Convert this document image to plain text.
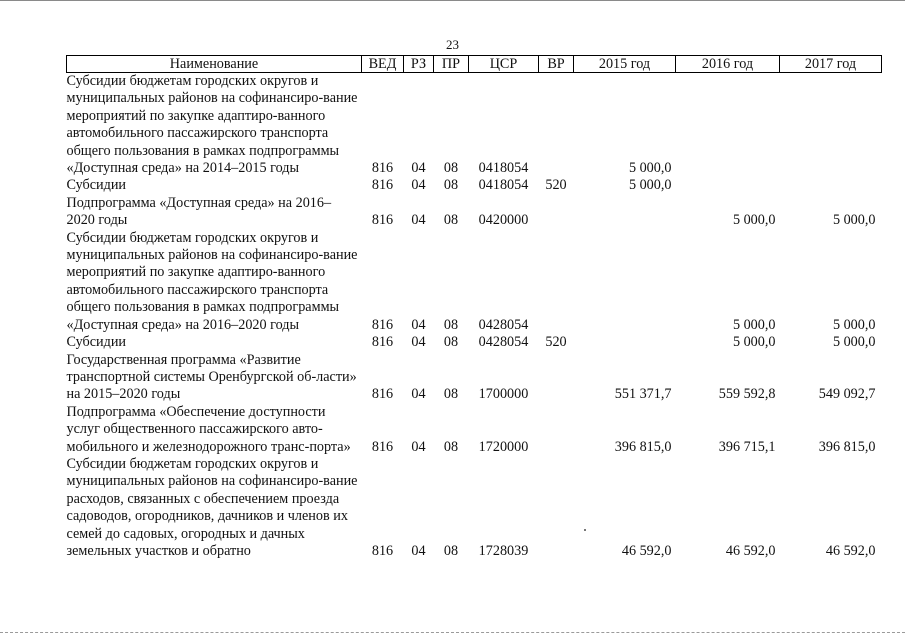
23
Наименование	ВЕД	РЗ	ПР	ЦСР	ВР	2015 год	2016 год	2017 год
Субсидии бюджетам городских округов и муниципальных районов на софинансиро-вание мероприятий по закупке адаптиро-ванного автомобильного пассажирского транспорта общего пользования в рамках подпрограммы «Доступная среда» на 2014–2015 годы	816	04	08	0418054		5 000,0		
Субсидии	816	04	08	0418054	520	5 000,0		
Подпрограмма «Доступная среда» на 2016–2020 годы	816	04	08	0420000			5 000,0	5 000,0
Субсидии бюджетам городских округов и муниципальных районов на софинансиро-вание мероприятий по закупке адаптиро-ванного автомобильного пассажирского транспорта общего пользования в рамках подпрограммы «Доступная среда» на 2016–2020 годы	816	04	08	0428054			5 000,0	5 000,0
Субсидии	816	04	08	0428054	520		5 000,0	5 000,0
Государственная программа «Развитие транспортной системы Оренбургской об-ласти» на 2015–2020 годы	816	04	08	1700000		551 371,7	559 592,8	549 092,7
Подпрограмма «Обеспечение доступности услуг общественного пассажирского авто-мобильного и железнодорожного транс-порта»	816	04	08	1720000		396 815,0	396 715,1	396 815,0
Субсидии бюджетам городских округов и муниципальных районов на софинансиро-вание расходов, связанных с обеспечением проезда садоводов, огородников, дачников и членов их семей до садовых, огородных и дачных земельных участков и обратно	816	04	08	1728039		46 592,0	46 592,0	46 592,0
